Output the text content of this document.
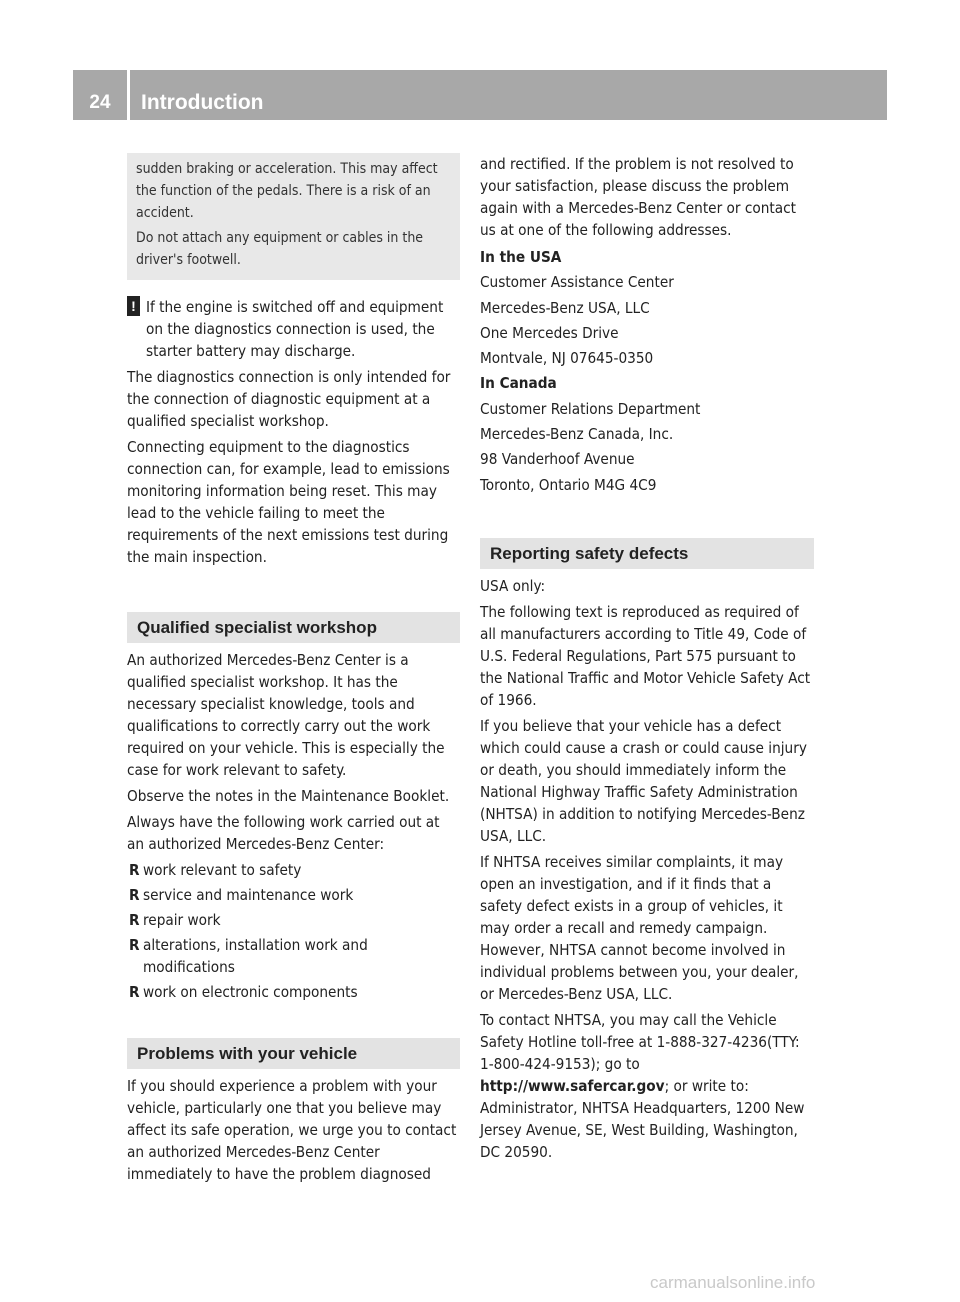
24	Introduction

sudden braking or acceleration. This may affect the function of the pedals. There is a risk of an accident.

Do not attach any equipment or cables in the driver's footwell.

! If the engine is switched off and equipment on the diagnostics connection is used, the starter battery may discharge.

The diagnostics connection is only intended for the connection of diagnostic equipment at a qualified specialist workshop.

Connecting equipment to the diagnostics connection can, for example, lead to emissions monitoring information being reset. This may lead to the vehicle failing to meet the requirements of the next emissions test during the main inspection.

Qualified specialist workshop

An authorized Mercedes-Benz Center is a qualified specialist workshop. It has the necessary specialist knowledge, tools and qualifications to correctly carry out the work required on your vehicle. This is especially the case for work relevant to safety.

Observe the notes in the Maintenance Booklet.

Always have the following work carried out at an authorized Mercedes-Benz Center:

R work relevant to safety
R service and maintenance work
R repair work
R alterations, installation work and modifications
R work on electronic components
Problems with your vehicle

If you should experience a problem with your vehicle, particularly one that you believe may affect its safe operation, we urge you to contact an authorized Mercedes-Benz Center immediately to have the problem diagnosed

and rectified. If the problem is not resolved to your satisfaction, please discuss the problem again with a Mercedes-Benz Center or contact us at one of the following addresses.

In the USA

Customer Assistance Center

Mercedes-Benz USA, LLC

One Mercedes Drive

Montvale, NJ 07645-0350

In Canada

Customer Relations Department

Mercedes-Benz Canada, Inc.

98 Vanderhoof Avenue

Toronto, Ontario M4G 4C9

Reporting safety defects

USA only:

The following text is reproduced as required of all manufacturers according to Title 49, Code of U.S. Federal Regulations, Part 575 pursuant to the National Traffic and Motor Vehicle Safety Act of 1966.

If you believe that your vehicle has a defect which could cause a crash or could cause injury or death, you should immediately inform the National Highway Traffic Safety Administration (NHTSA) in addition to notifying Mercedes-Benz USA, LLC.

If NHTSA receives similar complaints, it may open an investigation, and if it finds that a safety defect exists in a group of vehicles, it may order a recall and remedy campaign. However, NHTSA cannot become involved in individual problems between you, your dealer, or Mercedes-Benz USA, LLC.

To contact NHTSA, you may call the Vehicle Safety Hotline toll-free at 1-888-327-4236(TTY: 1-800-424-9153); go to http://www.safercar.gov; or write to: Administrator, NHTSA Headquarters, 1200 New Jersey Avenue, SE, West Building, Washington, DC 20590.

carmanualsonline.info
